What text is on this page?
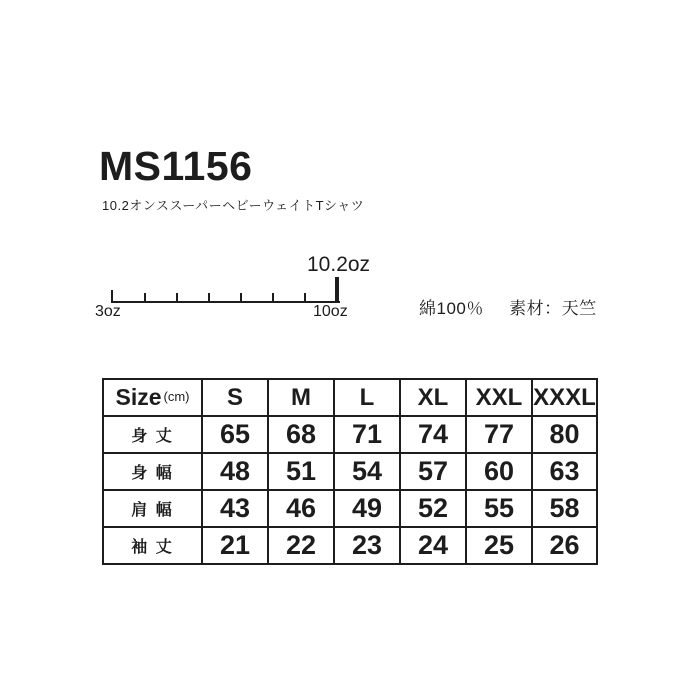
MS1156
10.2オンススーパーヘビーウェイトTシャツ
10.2oz
3oz	10oz	綿100％ 素材：天竺
Size (cm)	S	M	L	XL	XXL	XXXL
身 丈	65	68	71	74	77	80
身 幅	48	51	54	57	60	63
肩 幅	43	46	49	52	55	58
袖 丈	21	22	23	24	25	26
